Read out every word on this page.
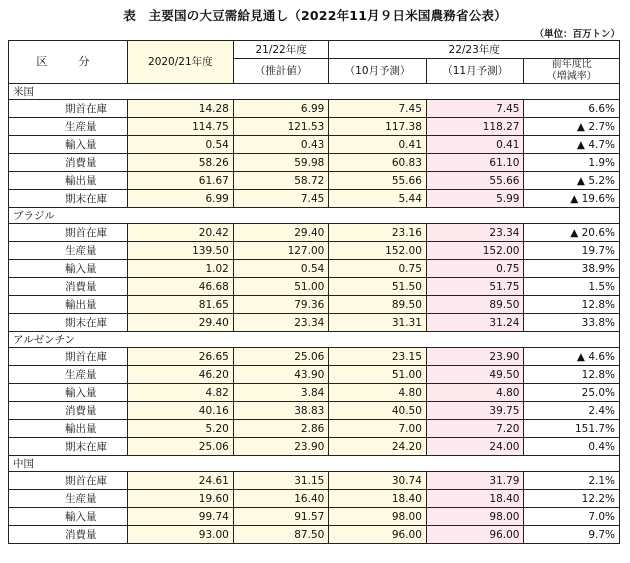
表　主要国の大豆需給見通し（2022年11月９日米国農務省公表）
（単位：百万トン）
区　分	2020/21年度	21/22年度	22/23年度		
		（推計値）	（10月予測）	（11月予測）	前年度比
（増減率）

米国					
期首在庫	14.28	6.99	7.45	7.45	6.6%
生産量	114.75	121.53	117.38	118.27	▲ 2.7%
輸入量	0.54	0.43	0.41	0.41	▲ 4.7%
消費量	58.26	59.98	60.83	61.10	1.9%
輸出量	61.67	58.72	55.66	55.66	▲ 5.2%
期末在庫	6.99	7.45	5.44	5.99	▲ 19.6%
ブラジル					
期首在庫	20.42	29.40	23.16	23.34	▲ 20.6%
生産量	139.50	127.00	152.00	152.00	19.7%
輸入量	1.02	0.54	0.75	0.75	38.9%
消費量	46.68	51.00	51.50	51.75	1.5%
輸出量	81.65	79.36	89.50	89.50	12.8%
期末在庫	29.40	23.34	31.31	31.24	33.8%
アルゼンチン					
期首在庫	26.65	25.06	23.15	23.90	▲ 4.6%
生産量	46.20	43.90	51.00	49.50	12.8%
輸入量	4.82	3.84	4.80	4.80	25.0%
消費量	40.16	38.83	40.50	39.75	2.4%
輸出量	5.20	2.86	7.00	7.20	151.7%
期末在庫	25.06	23.90	24.20	24.00	0.4%
中国					
期首在庫	24.61	31.15	30.74	31.79	2.1%
生産量	19.60	16.40	18.40	18.40	12.2%
輸入量	99.74	91.57	98.00	98.00	7.0%
消費量	93.00	87.50	96.00	96.00	9.7%
